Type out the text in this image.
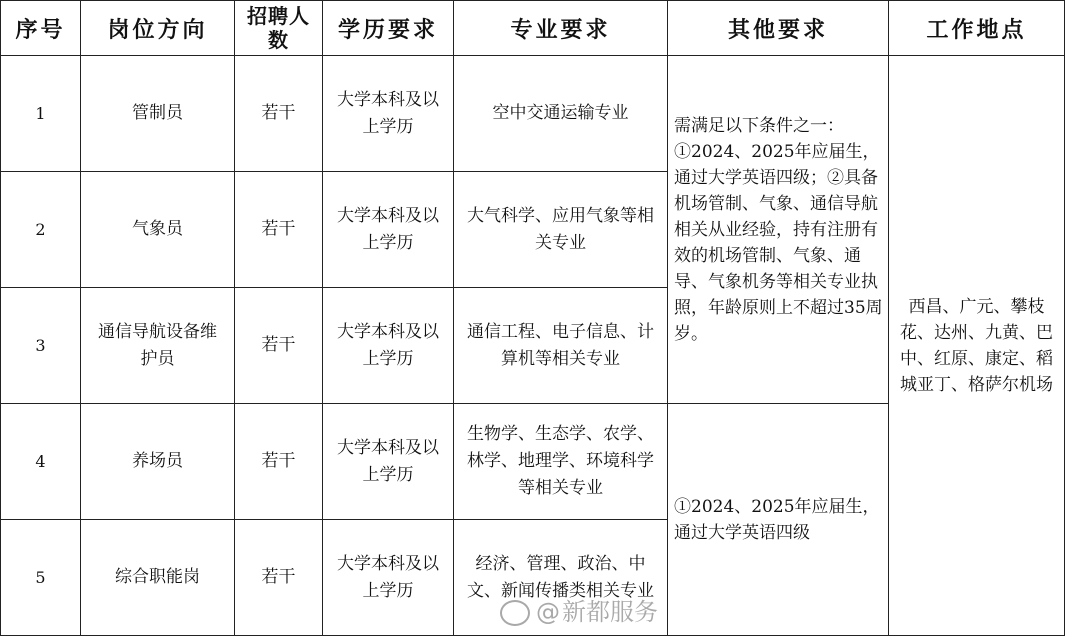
序号	岗位方向	招聘人数	学历要求	专业要求	其他要求	工作地点
1	管制员	若干	大学本科及以上学历	空中交通运输专业	需满足以下条件之一：①2024、2025年应届生，通过大学英语四级；②具备机场管制、气象、通信导航相关从业经验，持有注册有效的机场管制、气象、通导、气象机务等相关专业执照，年龄原则上不超过35周岁。	西昌、广元、攀枝花、达州、九黄、巴中、红原、康定、稻城亚丁、格萨尔机场
2	气象员	若干	大学本科及以上学历	大气科学、应用气象等相关专业		
3	通信导航设备维护员	若干	大学本科及以上学历	通信工程、电子信息、计算机等相关专业		
4	养场员	若干	大学本科及以上学历	生物学、生态学、农学、林学、地理学、环境科学等相关专业	①2024、2025年应届生，通过大学英语四级	
5	综合职能岗	若干	大学本科及以上学历	经济、管理、政治、中文、新闻传播类相关专业		
@新都服务
